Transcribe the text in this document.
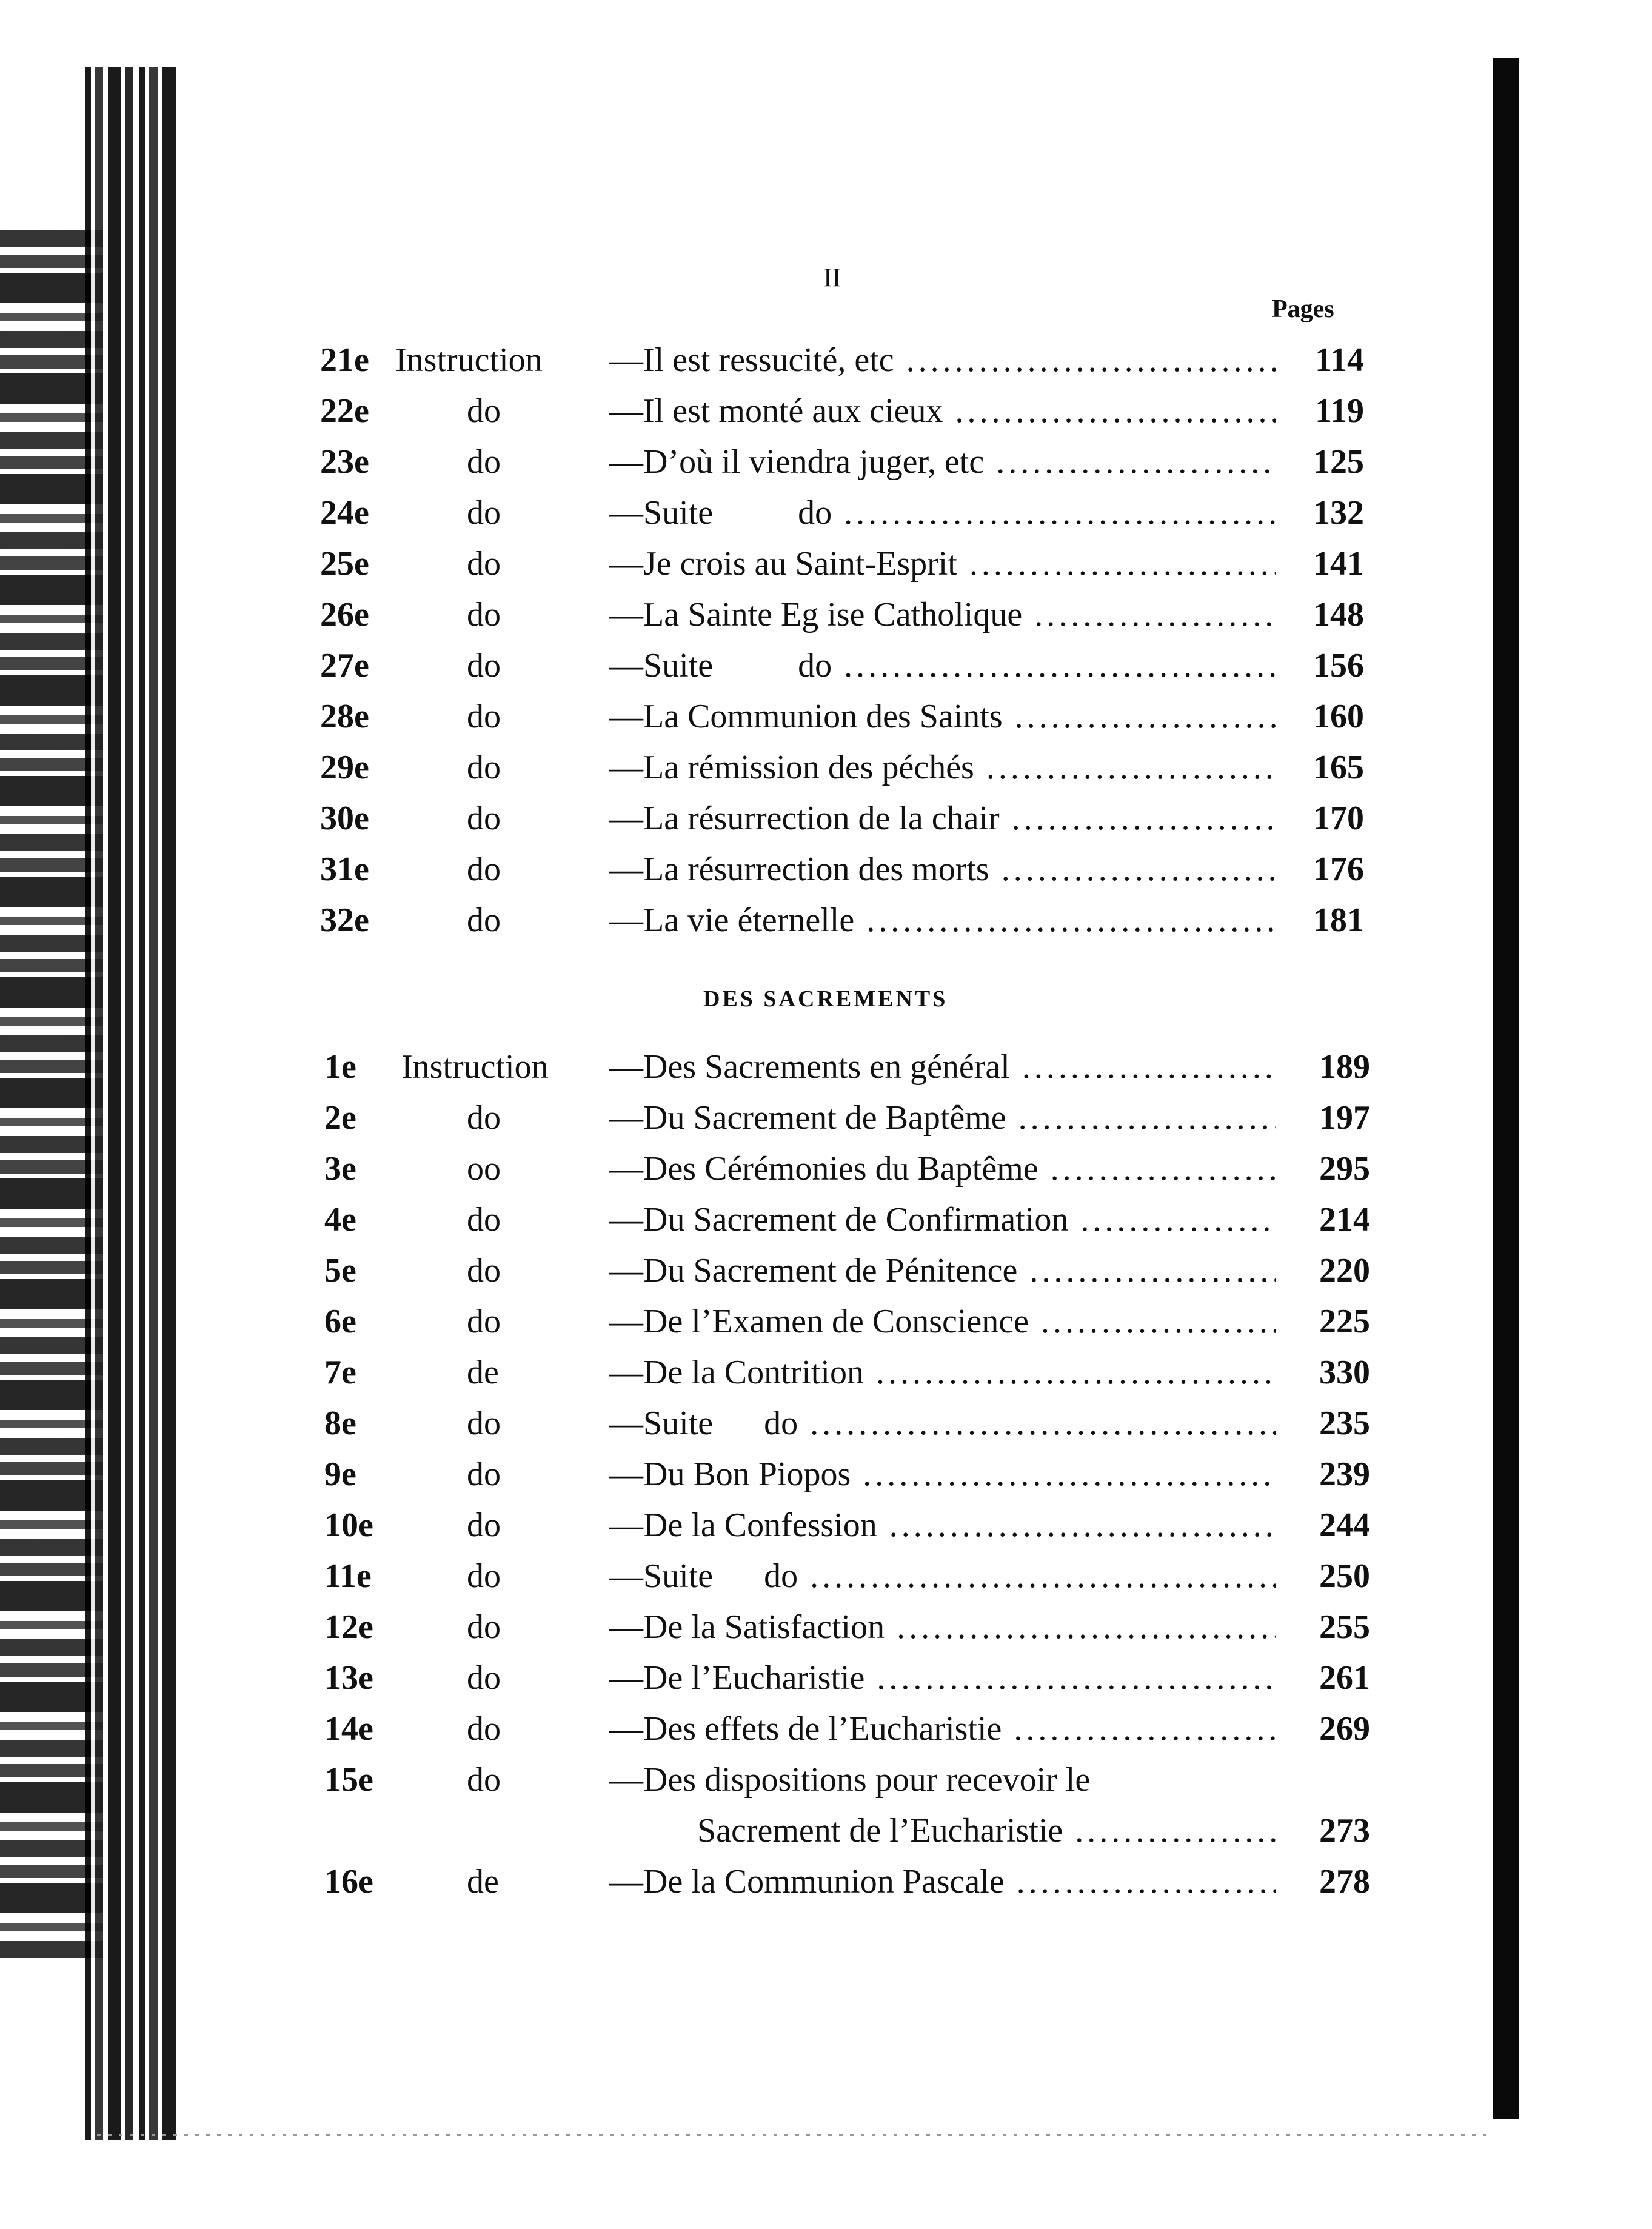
II
Pages
21e Instruction —Il est ressucité, etc .....	114
22e	do	—Il est monté aux cieux .....	119
23e	do	—D’où il viendra juger, etc .....	125
24e	do	—Suite          do .....	132
25e	do	—Je crois au Saint-Esprit .....	141
26e	do	—La Sainte Eg ise Catholique .....	148
27e	do	—Suite          do .....	156
28e	do	—La Communion des Saints .....	160
29e	do	—La rémission des péchés .....	165
30e	do	—La résurrection de la chair .....	170
31e	do	—La résurrection des morts .....	176
32e	do	—La vie éternelle .....	181
DES SACREMENTS
1e	Instruction —Des Sacrements en général .....	189
2e	do	—Du Sacrement de Baptême .....	197
3e	oo	—Des Cérémonies du Baptême .....	295
4e	do	—Du Sacrement de Confirmation .....	214
5e	do	—Du Sacrement de Pénitence .....	220
6e	do	—De l’Examen de Conscience .....	225
7e	de	—De la Contrition .....	330
8e	do	—Suite      do .....	235
9e	do	—Du Bon Piopos .....	239
10e	do	—De la Confession .....	244
11e	do	—Suite      do .....	250
12e	do	—De la Satisfaction .....	255
13e	do	—De l’Eucharistie .....	261
14e	do	—Des effets de l’Eucharistie .....	269
15e	do	—Des dispositions pour recevoir le
Sacrement de l’Eucharistie .....	273
16e	de	—De la Communion Pascale .....	278
